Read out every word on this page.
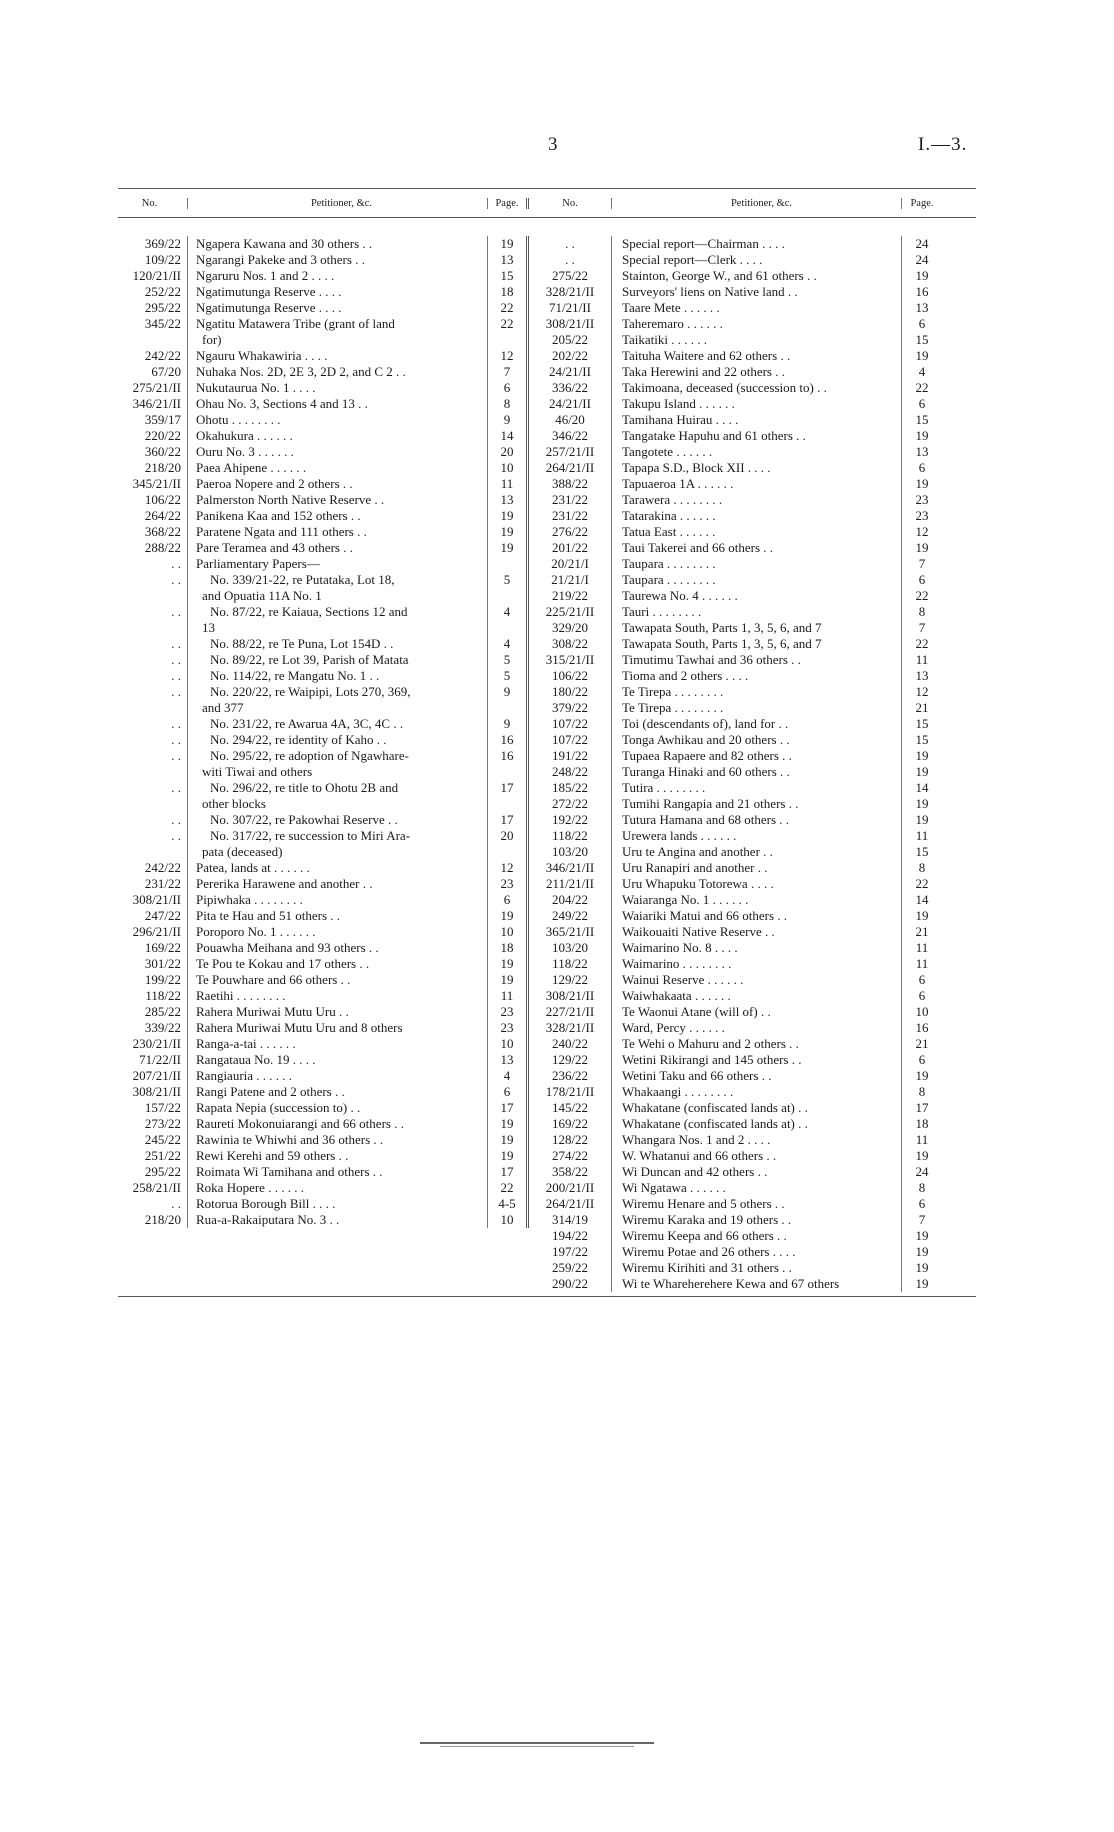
3	I.—3.
No.	Petitioner, &c.	Page.	No.	Petitioner, &c.	Page.
369/22	Ngapera Kawana and 30 others . .	19
109/22	Ngarangi Pakeke and 3 others . .	13
120/21/II	Ngaruru Nos. 1 and 2 . . . .	15
252/22	Ngatimutunga Reserve . . . .	18
295/22	Ngatimutunga Reserve . . . .	22
345/22	Ngatitu Matawera Tribe (grant of land	22
for)
242/22	Ngauru Whakawiria . . . .	12
67/20	Nuhaka Nos. 2D, 2E 3, 2D 2, and C 2 . .	7
275/21/II	Nukutaurua No. 1 . . . .	6
346/21/II	Ohau No. 3, Sections 4 and 13 . .	8
359/17	Ohotu . . . . . . . .	9
220/22	Okahukura . . . . . .	14
360/22	Ouru No. 3 . . . . . .	20
218/20	Paea Ahipene . . . . . .	10
345/21/II	Paeroa Nopere and 2 others . .	11
106/22	Palmerston North Native Reserve . .	13
264/22	Panikena Kaa and 152 others . .	19
368/22	Paratene Ngata and 111 others . .	19
288/22	Pare Teramea and 43 others . .	19
. .	Parliamentary Papers—
. .	No. 339/21-22, re Putataka, Lot 18,	5
and Opuatia 11A No. 1
. .	No. 87/22, re Kaiaua, Sections 12 and	4
13
. .	No. 88/22, re Te Puna, Lot 154D . .	4
. .	No. 89/22, re Lot 39, Parish of Matata	5
. .	No. 114/22, re Mangatu No. 1 . .	5
. .	No. 220/22, re Waipipi, Lots 270, 369,	9
and 377
. .	No. 231/22, re Awarua 4A, 3C, 4C . .	9
. .	No. 294/22, re identity of Kaho . .	16
. .	No. 295/22, re adoption of Ngawhare-	16
witi Tiwai and others
. .	No. 296/22, re title to Ohotu 2B and	17
other blocks
. .	No. 307/22, re Pakowhai Reserve . .	17
. .	No. 317/22, re succession to Miri Ara-	20
pata (deceased)
242/22	Patea, lands at . . . . . .	12
231/22	Pererika Harawene and another . .	23
308/21/II	Pipiwhaka . . . . . . . .	6
247/22	Pita te Hau and 51 others . .	19
296/21/II	Poroporo No. 1 . . . . . .	10
169/22	Pouawha Meihana and 93 others . .	18
301/22	Te Pou te Kokau and 17 others . .	19
199/22	Te Pouwhare and 66 others . .	19
118/22	Raetihi . . . . . . . .	11
285/22	Rahera Muriwai Mutu Uru . .	23
339/22	Rahera Muriwai Mutu Uru and 8 others	23
230/21/II	Ranga-a-tai . . . . . .	10
71/22/II	Rangataua No. 19 . . . .	13
207/21/II	Rangiauria . . . . . .	4
308/21/II	Rangi Patene and 2 others . .	6
157/22	Rapata Nepia (succession to) . .	17
273/22	Raureti Mokonuiarangi and 66 others . .	19
245/22	Rawinia te Whiwhi and 36 others . .	19
251/22	Rewi Kerehi and 59 others . .	19
295/22	Roimata Wi Tamihana and others . .	17
258/21/II	Roka Hopere . . . . . .	22
. .	Rotorua Borough Bill . . . .	4-5
218/20	Rua-a-Rakaiputara No. 3 . .	10
. .	Special report—Chairman . . . .	24
. .	Special report—Clerk . . . .	24
275/22	Stainton, George W., and 61 others . .	19
328/21/II	Surveyors' liens on Native land . .	16
71/21/II	Taare Mete . . . . . .	13
308/21/II	Taheremaro . . . . . .	6
205/22	Taikatiki . . . . . .	15
202/22	Taituha Waitere and 62 others . .	19
24/21/II	Taka Herewini and 22 others . .	4
336/22	Takimoana, deceased (succession to) . .	22
24/21/II	Takupu Island . . . . . .	6
46/20	Tamihana Huirau . . . .	15
346/22	Tangatake Hapuhu and 61 others . .	19
257/21/II	Tangotete . . . . . .	13
264/21/II	Tapapa S.D., Block XII . . . .	6
388/22	Tapuaeroa 1A . . . . . .	19
231/22	Tarawera . . . . . . . .	23
231/22	Tatarakina . . . . . .	23
276/22	Tatua East . . . . . .	12
201/22	Taui Takerei and 66 others . .	19
20/21/I	Taupara . . . . . . . .	7
21/21/I	Taupara . . . . . . . .	6
219/22	Taurewa No. 4 . . . . . .	22
225/21/II	Tauri . . . . . . . .	8
329/20	Tawapata South, Parts 1, 3, 5, 6, and 7	7
308/22	Tawapata South, Parts 1, 3, 5, 6, and 7	22
315/21/II	Timutimu Tawhai and 36 others . .	11
106/22	Tioma and 2 others . . . .	13
180/22	Te Tirepa . . . . . . . .	12
379/22	Te Tirepa . . . . . . . .	21
107/22	Toi (descendants of), land for . .	15
107/22	Tonga Awhikau and 20 others . .	15
191/22	Tupaea Rapaere and 82 others . .	19
248/22	Turanga Hinaki and 60 others . .	19
185/22	Tutira . . . . . . . .	14
272/22	Tumihi Rangapia and 21 others . .	19
192/22	Tutura Hamana and 68 others . .	19
118/22	Urewera lands . . . . . .	11
103/20	Uru te Angina and another . .	15
346/21/II	Uru Ranapiri and another . .	8
211/21/II	Uru Whapuku Totorewa . . . .	22
204/22	Waiaranga No. 1 . . . . . .	14
249/22	Waiariki Matui and 66 others . .	19
365/21/II	Waikouaiti Native Reserve . .	21
103/20	Waimarino No. 8 . . . .	11
118/22	Waimarino . . . . . . . .	11
129/22	Wainui Reserve . . . . . .	6
308/21/II	Waiwhakaata . . . . . .	6
227/21/II	Te Waonui Atane (will of) . .	10
328/21/II	Ward, Percy . . . . . .	16
240/22	Te Wehi o Mahuru and 2 others . .	21
129/22	Wetini Rikirangi and 145 others . .	6
236/22	Wetini Taku and 66 others . .	19
178/21/II	Whakaangi . . . . . . . .	8
145/22	Whakatane (confiscated lands at) . .	17
169/22	Whakatane (confiscated lands at) . .	18
128/22	Whangara Nos. 1 and 2 . . . .	11
274/22	W. Whatanui and 66 others . .	19
358/22	Wi Duncan and 42 others . .	24
200/21/II	Wi Ngatawa . . . . . .	8
264/21/II	Wiremu Henare and 5 others . .	6
314/19	Wiremu Karaka and 19 others . .	7
194/22	Wiremu Keepa and 66 others . .	19
197/22	Wiremu Potae and 26 others . . . .	19
259/22	Wiremu Kirihiti and 31 others . .	19
290/22	Wi te Wharehereherе Kewa and 67 others	19
